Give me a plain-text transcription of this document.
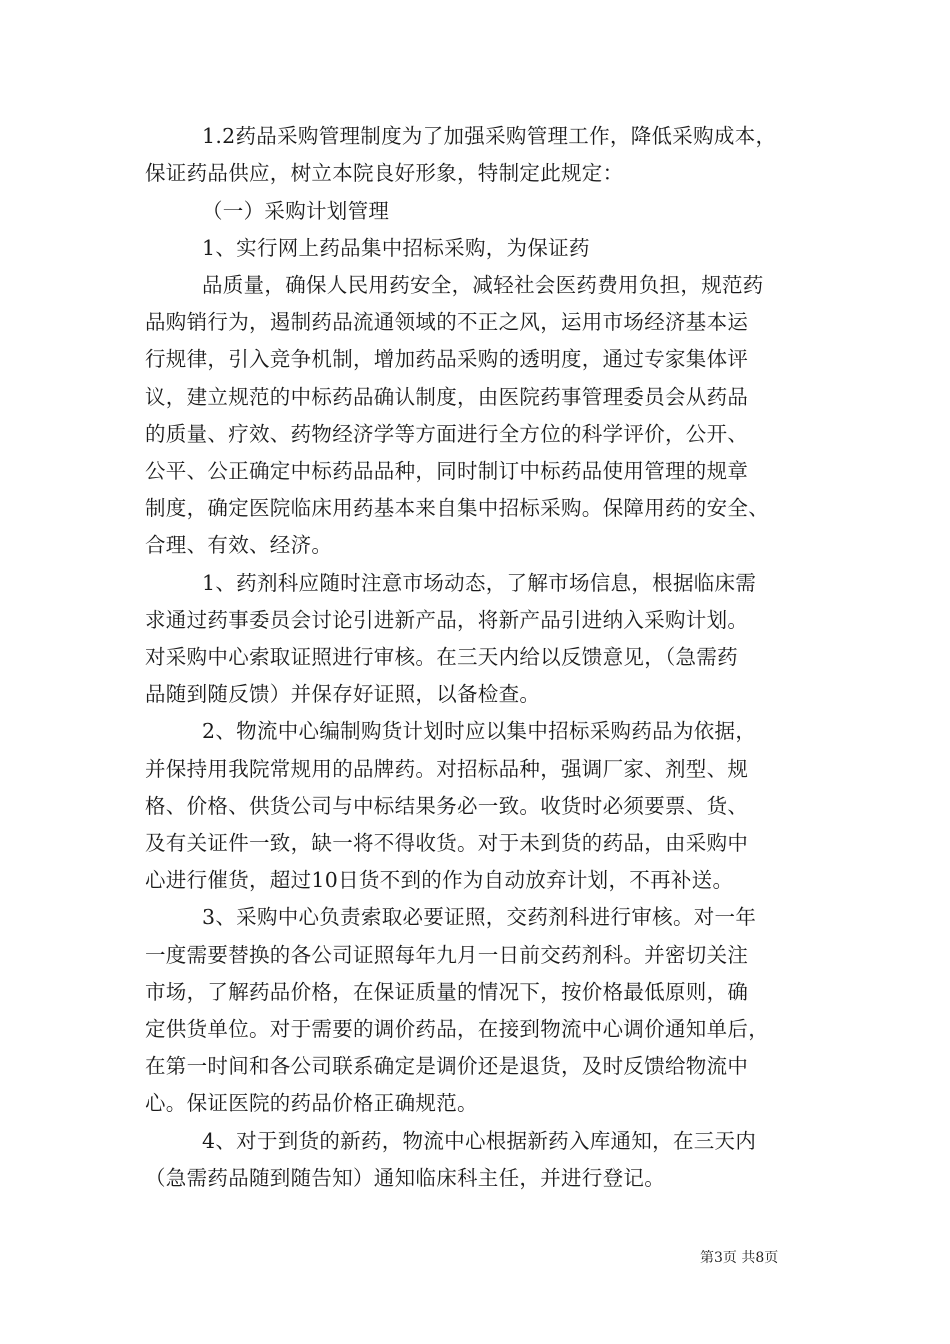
1.2药品采购管理制度为了加强采购管理工作，降低采购成本，
保证药品供应，树立本院良好形象，特制定此规定：
（一）采购计划管理
1、实行网上药品集中招标采购，为保证药
品质量，确保人民用药安全，减轻社会医药费用负担，规范药
品购销行为，遏制药品流通领域的不正之风，运用市场经济基本运
行规律，引入竞争机制，增加药品采购的透明度，通过专家集体评
议，建立规范的中标药品确认制度，由医院药事管理委员会从药品
的质量、疗效、药物经济学等方面进行全方位的科学评价，公开、
公平、公正确定中标药品品种，同时制订中标药品使用管理的规章
制度，确定医院临床用药基本来自集中招标采购。保障用药的安全、
合理、有效、经济。
1、药剂科应随时注意市场动态，了解市场信息，根据临床需
求通过药事委员会讨论引进新产品，将新产品引进纳入采购计划。
对采购中心索取证照进行审核。在三天内给以反馈意见，（急需药
品随到随反馈）并保存好证照，以备检查。
2、物流中心编制购货计划时应以集中招标采购药品为依据，
并保持用我院常规用的品牌药。对招标品种，强调厂家、剂型、规
格、价格、供货公司与中标结果务必一致。收货时必须要票、货、
及有关证件一致，缺一将不得收货。对于未到货的药品，由采购中
心进行催货，超过10日货不到的作为自动放弃计划，不再补送。
3、采购中心负责索取必要证照，交药剂科进行审核。对一年
一度需要替换的各公司证照每年九月一日前交药剂科。并密切关注
市场，了解药品价格，在保证质量的情况下，按价格最低原则，确
定供货单位。对于需要的调价药品，在接到物流中心调价通知单后，
在第一时间和各公司联系确定是调价还是退货，及时反馈给物流中
心。保证医院的药品价格正确规范。
4、对于到货的新药，物流中心根据新药入库通知，在三天内
（急需药品随到随告知）通知临床科主任，并进行登记。
第3页 共8页
